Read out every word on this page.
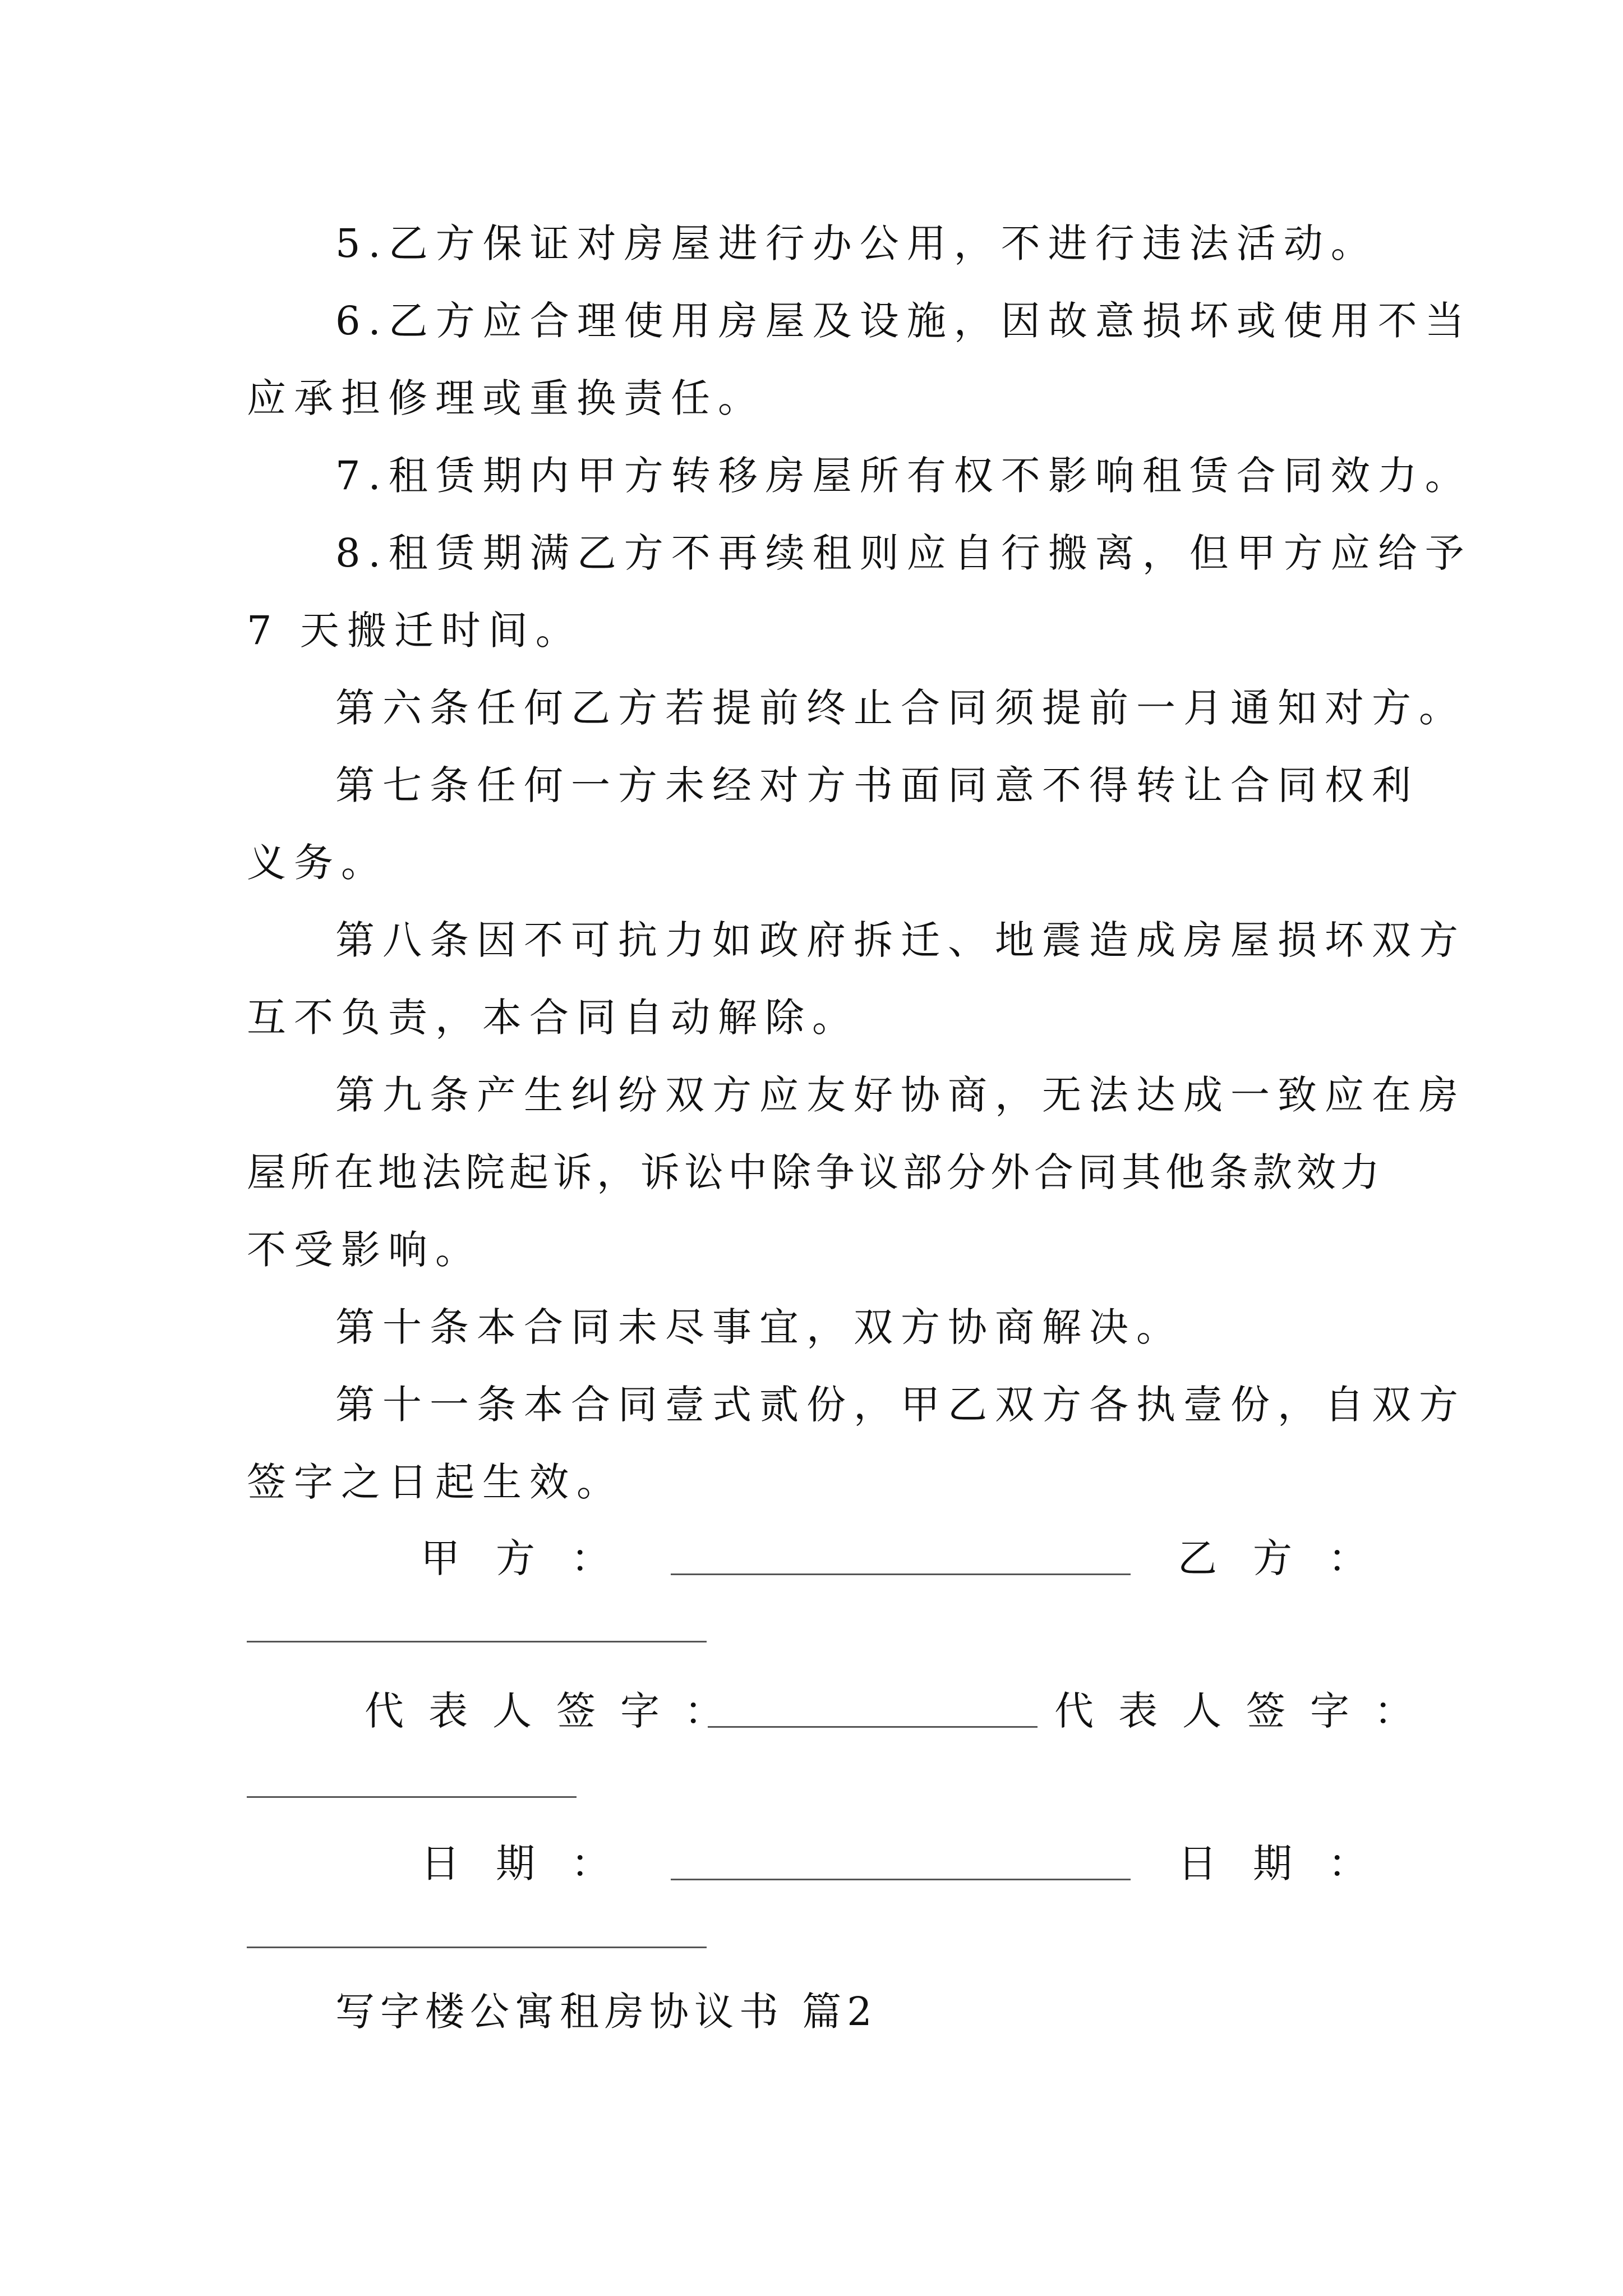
5.乙方保证对房屋进行办公用，不进行违法活动。
6.乙方应合理使用房屋及设施，因故意损坏或使用不当
应承担修理或重换责任。
7.租赁期内甲方转移房屋所有权不影响租赁合同效力。
8.租赁期满乙方不再续租则应自行搬离，但甲方应给予
7 天搬迁时间。
第六条任何乙方若提前终止合同须提前一月通知对方。
第七条任何一方未经对方书面同意不得转让合同权利
义务。
第八条因不可抗力如政府拆迁、地震造成房屋损坏双方
互不负责，本合同自动解除。
第九条产生纠纷双方应友好协商，无法达成一致应在房
屋所在地法院起诉，诉讼中除争议部分外合同其他条款效力
不受影响。
第十条本合同未尽事宜，双方协商解决。
第十一条本合同壹式贰份，甲乙双方各执壹份，自双方
签字之日起生效。
甲方：	乙方：
代表人签字：	代表人签字：
日期：	日期：
写字楼公寓租房协议书 篇2
